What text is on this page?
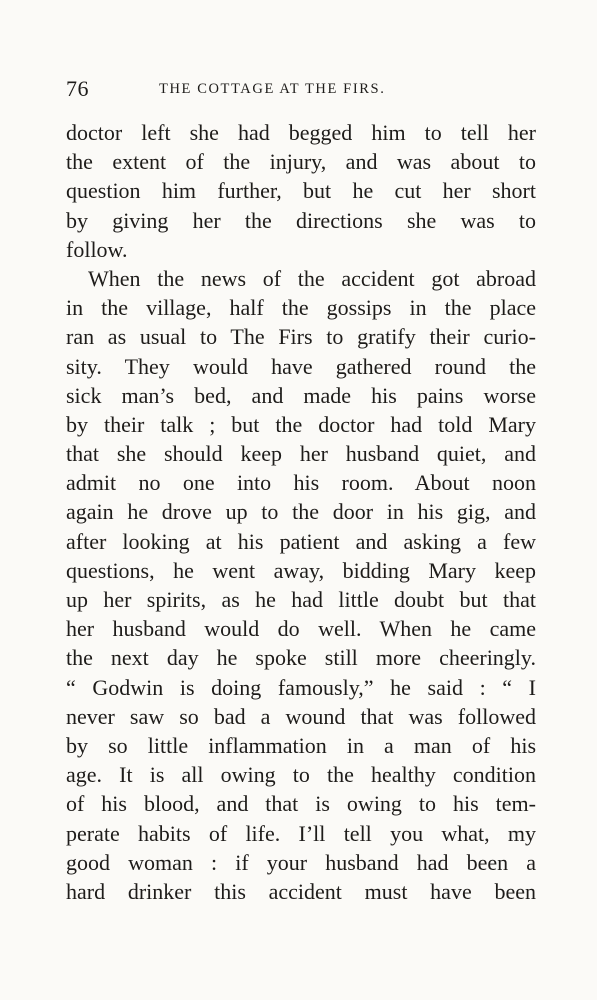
76	THE COTTAGE AT THE FIRS.
doctor left she had begged him to tell her
the extent of the injury, and was about to
question him further, but he cut her short
by giving her the directions she was to
follow.
When the news of the accident got abroad
in the village, half the gossips in the place
ran as usual to The Firs to gratify their curio-
sity. They would have gathered round the
sick man’s bed, and made his pains worse
by their talk ; but the doctor had told Mary
that she should keep her husband quiet, and
admit no one into his room. About noon
again he drove up to the door in his gig, and
after looking at his patient and asking a few
questions, he went away, bidding Mary keep
up her spirits, as he had little doubt but that
her husband would do well. When he came
the next day he spoke still more cheeringly.
“ Godwin is doing famously,” he said : “ I
never saw so bad a wound that was followed
by so little inflammation in a man of his
age. It is all owing to the healthy condition
of his blood, and that is owing to his tem-
perate habits of life. I’ll tell you what, my
good woman : if your husband had been a
hard drinker this accident must have been
